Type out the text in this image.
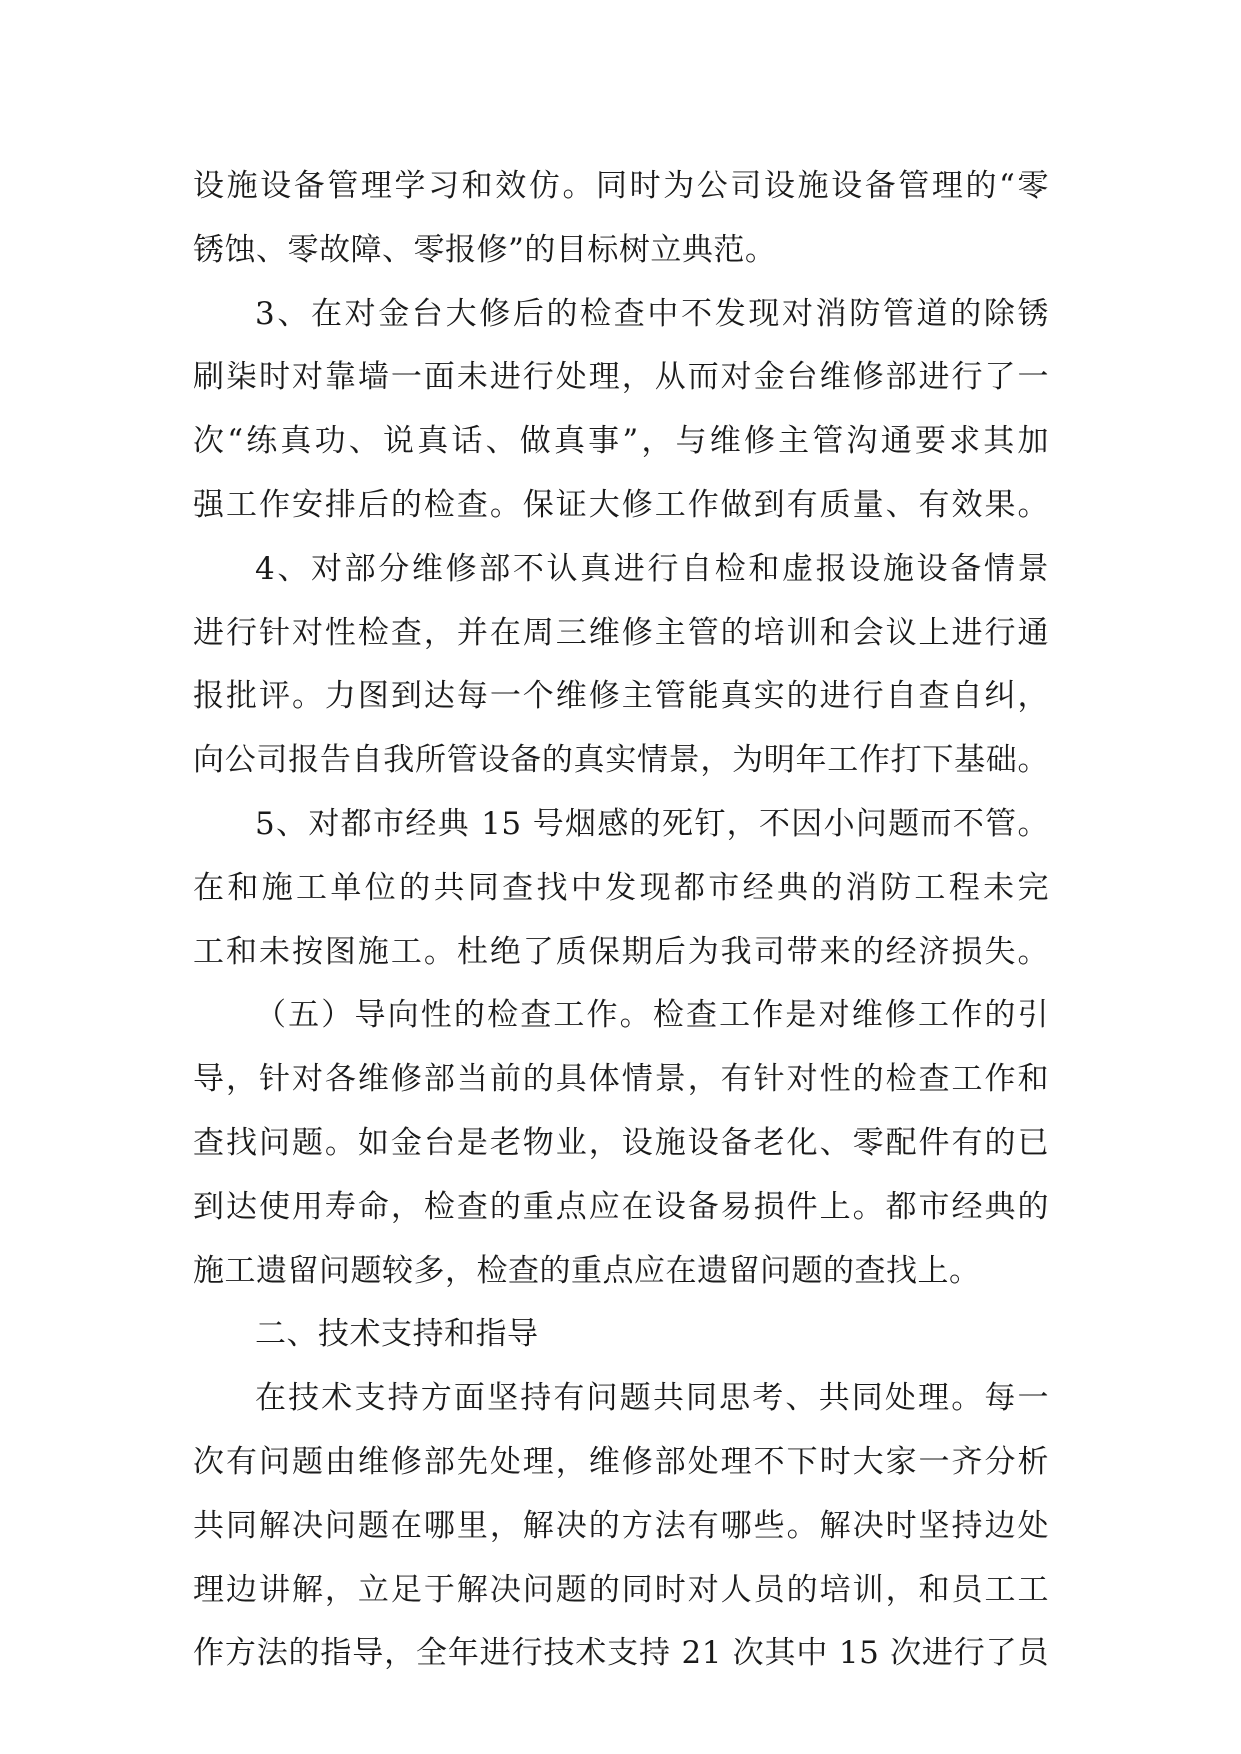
设施设备管理学习和效仿。同时为公司设施设备管理的“零
锈蚀、零故障、零报修”的目标树立典范。
3、在对金台大修后的检查中不发现对消防管道的除锈
刷柒时对靠墙一面未进行处理，从而对金台维修部进行了一
次“练真功、说真话、做真事”，与维修主管沟通要求其加
强工作安排后的检查。保证大修工作做到有质量、有效果。
4、对部分维修部不认真进行自检和虚报设施设备情景
进行针对性检查，并在周三维修主管的培训和会议上进行通
报批评。力图到达每一个维修主管能真实的进行自查自纠，
向公司报告自我所管设备的真实情景，为明年工作打下基础。
5、对都市经典 15 号烟感的死钉，不因小问题而不管。
在和施工单位的共同查找中发现都市经典的消防工程未完
工和未按图施工。杜绝了质保期后为我司带来的经济损失。
（五）导向性的检查工作。检查工作是对维修工作的引
导，针对各维修部当前的具体情景，有针对性的检查工作和
查找问题。如金台是老物业，设施设备老化、零配件有的已
到达使用寿命，检查的重点应在设备易损件上。都市经典的
施工遗留问题较多，检查的重点应在遗留问题的查找上。
二、技术支持和指导
在技术支持方面坚持有问题共同思考、共同处理。每一
次有问题由维修部先处理，维修部处理不下时大家一齐分析
共同解决问题在哪里，解决的方法有哪些。解决时坚持边处
理边讲解，立足于解决问题的同时对人员的培训，和员工工
作方法的指导，全年进行技术支持 21 次其中 15 次进行了员
